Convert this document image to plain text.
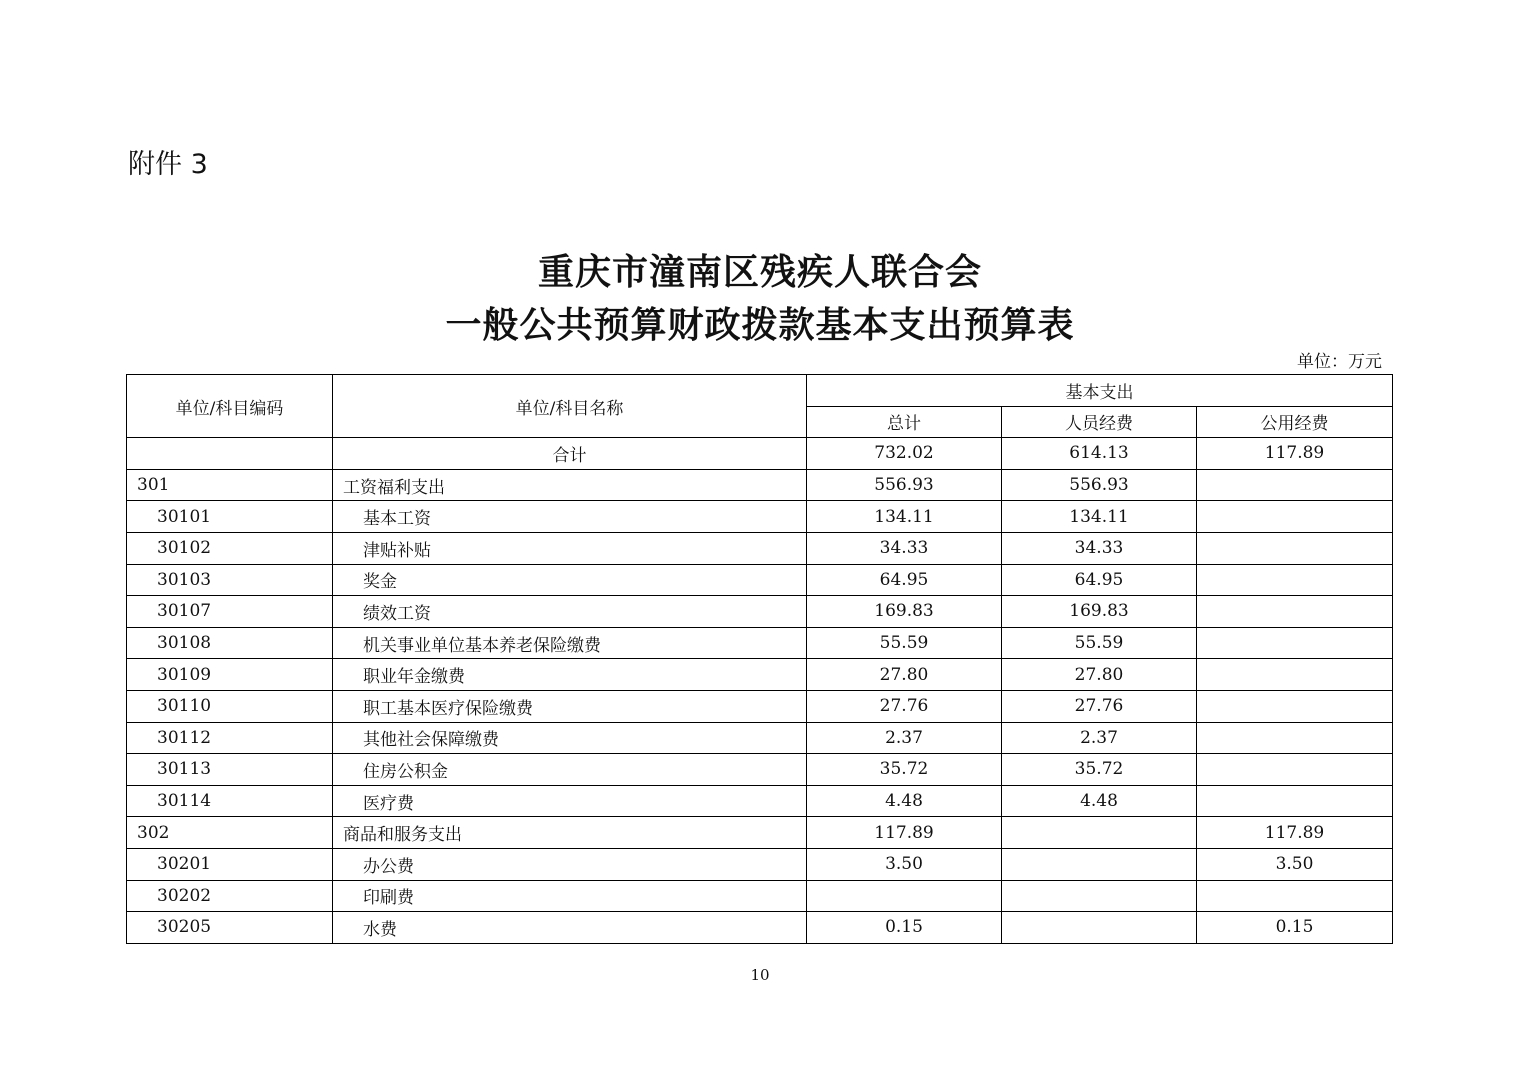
附件 3
重庆市潼南区残疾人联合会
一般公共预算财政拨款基本支出预算表
单位：万元
单位/科目编码	单位/科目名称	基本支出		
		总计	人员经费	公用经费
	合计	732.02	614.13	117.89
301	工资福利支出	556.93	556.93	
30101	基本工资	134.11	134.11	
30102	津贴补贴	34.33	34.33	
30103	奖金	64.95	64.95	
30107	绩效工资	169.83	169.83	
30108	机关事业单位基本养老保险缴费	55.59	55.59	
30109	职业年金缴费	27.80	27.80	
30110	职工基本医疗保险缴费	27.76	27.76	
30112	其他社会保障缴费	2.37	2.37	
30113	住房公积金	35.72	35.72	
30114	医疗费	4.48	4.48	
302	商品和服务支出	117.89		117.89
30201	办公费	3.50		3.50
30202	印刷费			
30205	水费	0.15		0.15
10
